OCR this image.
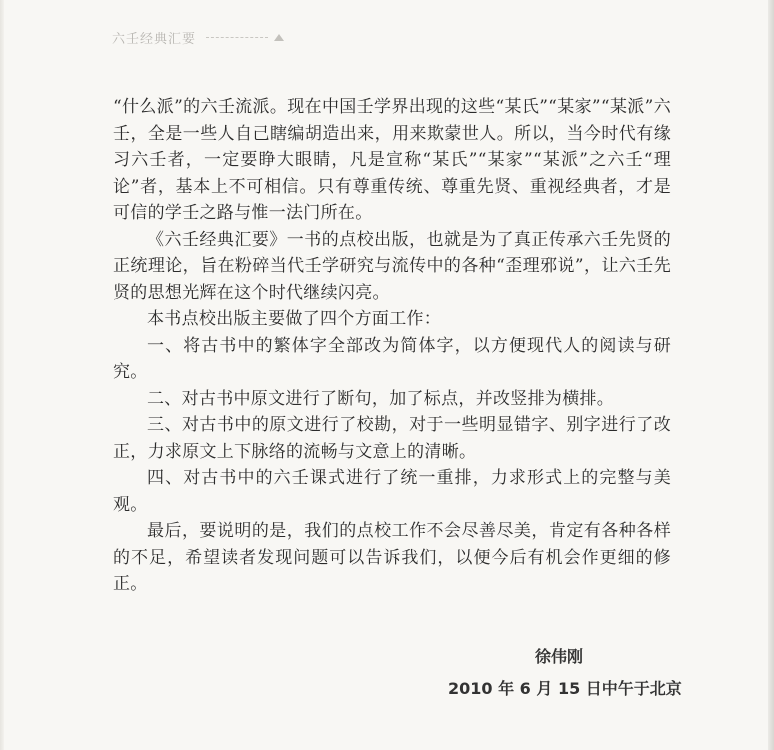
六壬经典汇要

“什么派”的六壬流派。现在中国壬学界出现的这些“某氏”“某家”“某派”六壬，全是一些人自己瞎编胡造出来，用来欺蒙世人。所以，当今时代有缘习六壬者，一定要睁大眼睛，凡是宣称“某氏”“某家”“某派”之六壬“理论”者，基本上不可相信。只有尊重传统、尊重先贤、重视经典者，才是可信的学壬之路与惟一法门所在。

《六壬经典汇要》一书的点校出版，也就是为了真正传承六壬先贤的正统理论，旨在粉碎当代壬学研究与流传中的各种“歪理邪说”，让六壬先贤的思想光辉在这个时代继续闪亮。

本书点校出版主要做了四个方面工作：

一、将古书中的繁体字全部改为简体字，以方便现代人的阅读与研究。

二、对古书中原文进行了断句，加了标点，并改竖排为横排。

三、对古书中的原文进行了校勘，对于一些明显错字、别字进行了改正，力求原文上下脉络的流畅与文意上的清晰。

四、对古书中的六壬课式进行了统一重排，力求形式上的完整与美观。

最后，要说明的是，我们的点校工作不会尽善尽美，肯定有各种各样的不足，希望读者发现问题可以告诉我们，以便今后有机会作更细的修正。

徐伟刚
2010 年 6 月 15 日中午于北京
